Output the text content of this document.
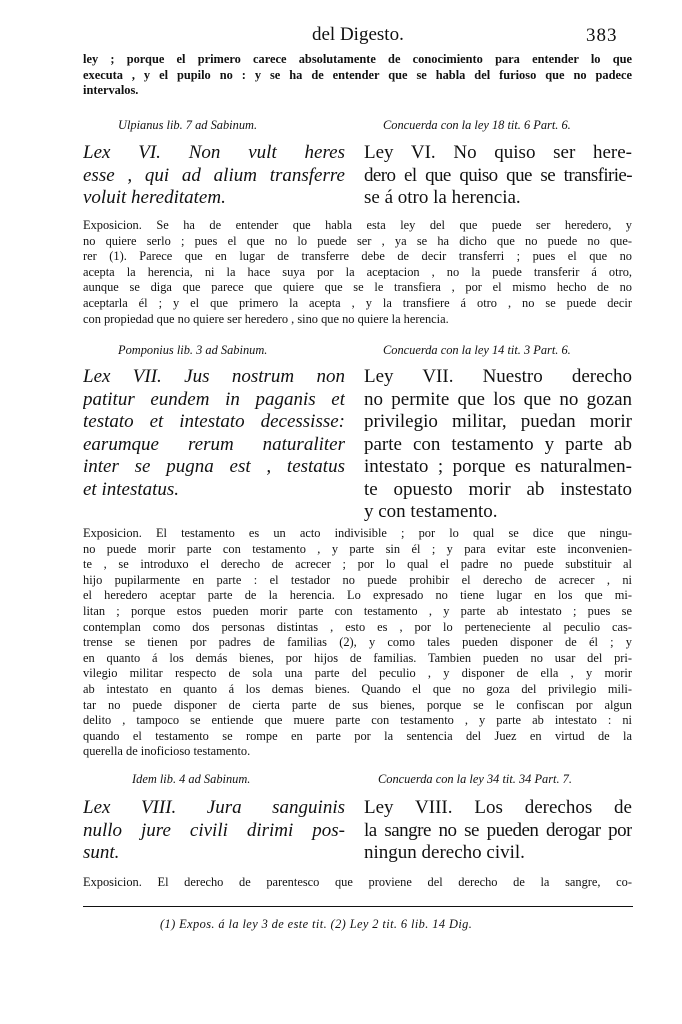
del Digesto.	383
ley ; porque el primero carece absolutamente de conocimiento para entender lo que
executa , y el pupilo no : y se ha de entender que se habla del furioso que no padece
intervalos.
Ulpianus lib. 7 ad Sabinum.	Concuerda con la ley 18 tit. 6 Part. 6.
Lex VI. Non vult heres
esse , qui ad alium transferre
voluit hereditatem.
Ley VI. No quiso ser here-
dero el que quiso que se transfirie-
se á otro la herencia.
Exposicion. Se ha de entender que habla esta ley del que puede ser heredero, y
no quiere serlo ; pues el que no lo puede ser , ya se ha dicho que no puede no que-
rer (1). Parece que en lugar de transferre debe de decir transferri ; pues el que no
acepta la herencia, ni la hace suya por la aceptacion , no la puede transferir á otro,
aunque se diga que parece que quiere que se le transfiera , por el mismo hecho de no
aceptarla él ; y el que primero la acepta , y la transfiere á otro , no se puede decir
con propiedad que no quiere ser heredero , sino que no quiere la herencia.
Pomponius lib. 3 ad Sabinum.	Concuerda con la ley 14 tit. 3 Part. 6.
Lex VII. Jus nostrum non
patitur eundem in paganis et
testato et intestato decessisse:
earumque rerum naturaliter
inter se pugna est , testatus
et intestatus.
Ley VII. Nuestro derecho
no permite que los que no gozan
privilegio militar, puedan morir
parte con testamento y parte ab
intestato ; porque es naturalmen-
te opuesto morir ab instestato
y con testamento.
Exposicion. El testamento es un acto indivisible ; por lo qual se dice que ningu-
no puede morir parte con testamento , y parte sin él ; y para evitar este inconvenien-
te , se introduxo el derecho de acrecer ; por lo qual el padre no puede substituir al
hijo pupilarmente en parte : el testador no puede prohibir el derecho de acrecer , ni
el heredero aceptar parte de la herencia. Lo expresado no tiene lugar en los que mi-
litan ; porque estos pueden morir parte con testamento , y parte ab intestato ; pues se
contemplan como dos personas distintas , esto es , por lo perteneciente al peculio cas-
trense se tienen por padres de familias (2), y como tales pueden disponer de él ; y
en quanto á los demás bienes, por hijos de familias. Tambien pueden no usar del pri-
vilegio militar respecto de sola una parte del peculio , y disponer de ella , y morir
ab intestato en quanto á los demas bienes. Quando el que no goza del privilegio mili-
tar no puede disponer de cierta parte de sus bienes, porque se le confiscan por algun
delito , tampoco se entiende que muere parte con testamento , y parte ab intestato : ni
quando el testamento se rompe en parte por la sentencia del Juez en virtud de la
querella de inoficioso testamento.
Idem lib. 4 ad Sabinum.	Concuerda con la ley 34 tit. 34 Part. 7.
Lex VIII. Jura sanguinis
nullo jure civili dirimi pos-
sunt.
Ley VIII. Los derechos de
la sangre no se pueden derogar por
ningun derecho civil.
Exposicion. El derecho de parentesco que proviene del derecho de la sangre, co-
(1) Expos. á la ley 3 de este tit. (2) Ley 2 tit. 6 lib. 14 Dig.
